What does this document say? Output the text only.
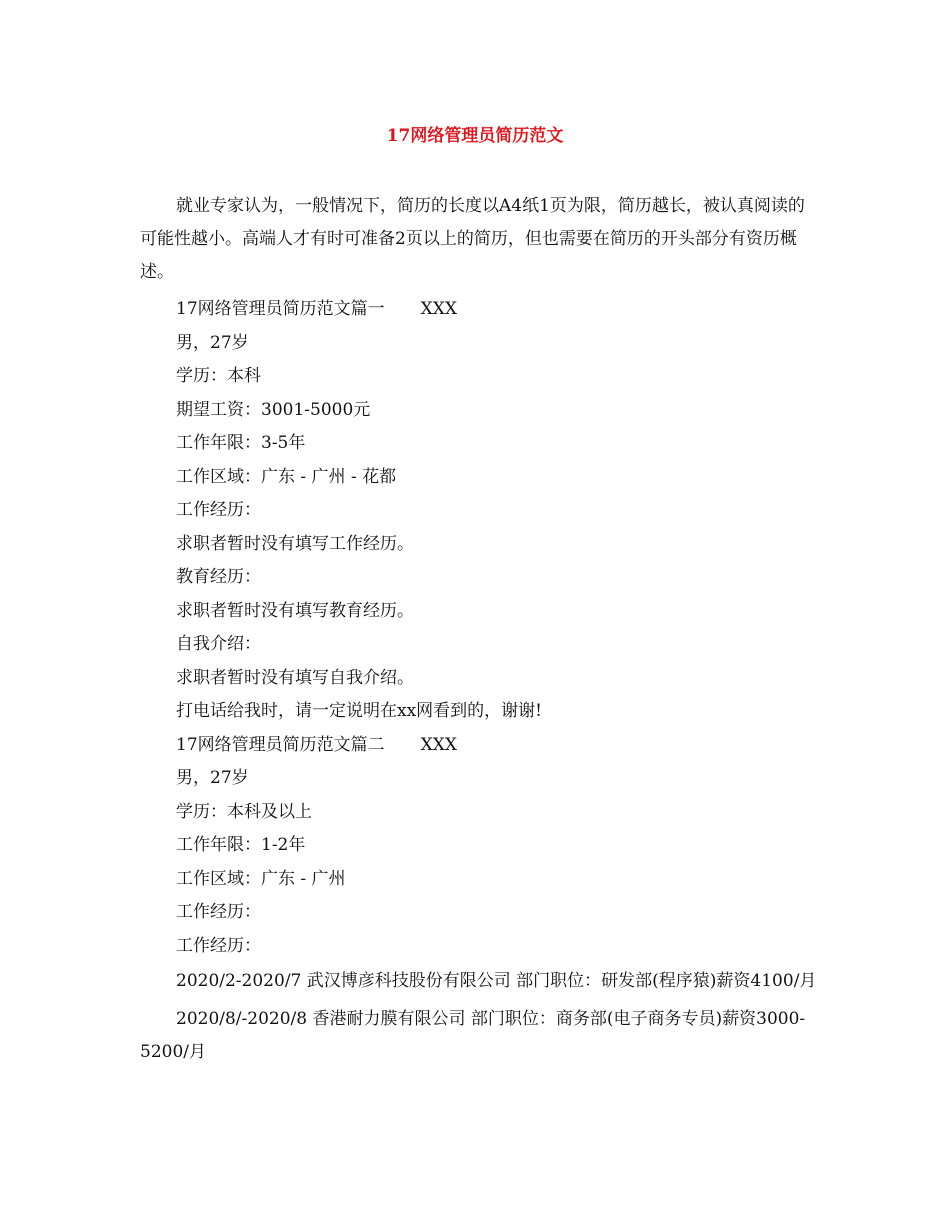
17网络管理员简历范文

就业专家认为，一般情况下，简历的长度以A4纸1页为限，简历越长，被认真阅读的可能性越小。高端人才有时可准备2页以上的简历，但也需要在简历的开头部分有资历概述。

17网络管理员简历范文篇一 XXX

男，27岁

学历：本科

期望工资：3001-5000元

工作年限：3-5年

工作区域：广东 - 广州 - 花都

工作经历：

求职者暂时没有填写工作经历。

教育经历：

求职者暂时没有填写教育经历。

自我介绍：

求职者暂时没有填写自我介绍。

打电话给我时，请一定说明在xx网看到的，谢谢!

17网络管理员简历范文篇二 XXX

男，27岁

学历：本科及以上

工作年限：1-2年

工作区域：广东 - 广州

工作经历：

工作经历：

2020/2-2020/7 武汉博彦科技股份有限公司 部门职位：研发部(程序猿)薪资4100/月

2020/8/-2020/8 香港耐力膜有限公司 部门职位：商务部(电子商务专员)薪资3000-5200/月
